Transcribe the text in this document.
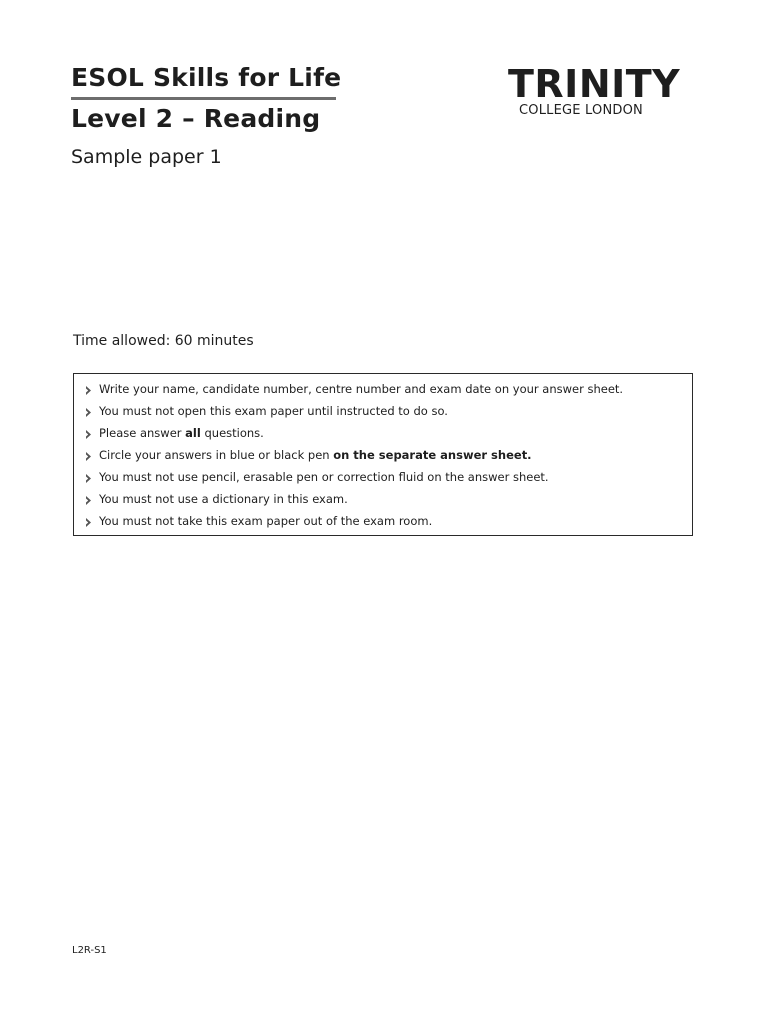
ESOL Skills for Life
Level 2 – Reading
Sample paper 1
TRINITY
COLLEGE LONDON
Time allowed: 60 minutes
Write your name, candidate number, centre number and exam date on your answer sheet.
You must not open this exam paper until instructed to do so.
Please answer all questions.
Circle your answers in blue or black pen on the separate answer sheet.
You must not use pencil, erasable pen or correction fluid on the answer sheet.
You must not use a dictionary in this exam.
You must not take this exam paper out of the exam room.
L2R-S1
